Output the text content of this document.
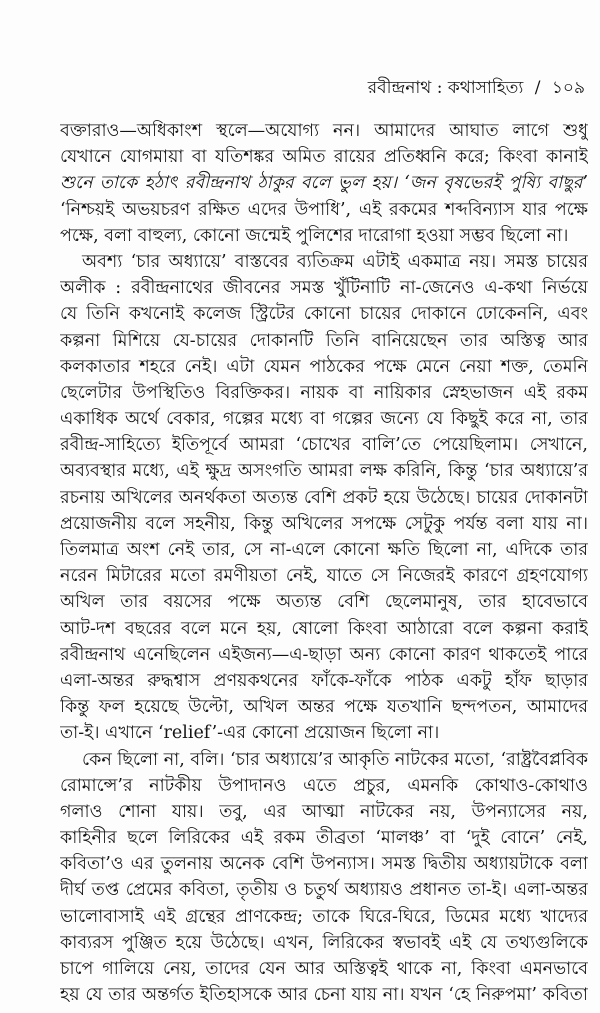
রবীন্দ্রনাথ : কথাসাহিত্য / ১০৯
বক্তারাও—অধিকাংশ স্থলে—অযোগ্য নন। আমাদের আঘাত লাগে শুধু
যেখানে যোগমায়া বা যতিশঙ্কর অমিত রায়ের প্রতিধ্বনি করে; কিংবা কানাই
শুনে তাকে হঠাৎ রবীন্দ্রনাথ ঠাকুর বলে ভুল হয়। ‘জন বৃষভেরই পুষ্যি বাছুর’
‘নিশ্চয়ই অভয়চরণ রক্ষিত এদের উপাধি’, এই রকমের শব্দবিন্যাস যার পক্ষে
পক্ষে, বলা বাহুল্য, কোনো জন্মেই পুলিশের দারোগা হওয়া সম্ভব ছিলো না।
অবশ্য ‘চার অধ্যায়ে’ বাস্তবের ব্যতিক্রম এটাই একমাত্র নয়। সমস্ত চায়ের
অলীক : রবীন্দ্রনাথের জীবনের সমস্ত খুঁটিনাটি না-জেনেও এ-কথা নির্ভয়ে
যে তিনি কখনোই কলেজ স্ট্রিটের কোনো চায়ের দোকানে ঢোকেননি, এবং
কল্পনা মিশিয়ে যে-চায়ের দোকানটি তিনি বানিয়েছেন তার অস্তিত্ব আর
কলকাতার শহরে নেই। এটা যেমন পাঠকের পক্ষে মেনে নেয়া শক্ত, তেমনি
ছেলেটার উপস্থিতিও বিরক্তিকর। নায়ক বা নায়িকার স্নেহভাজন এই রকম
একাধিক অর্থে বেকার, গল্পের মধ্যে বা গল্পের জন্যে যে কিছুই করে না, তার
রবীন্দ্র-সাহিত্যে ইতিপূর্বে আমরা ‘চোখের বালি’তে পেয়েছিলাম। সেখানে,
অব্যবস্থার মধ্যে, এই ক্ষুদ্র অসংগতি আমরা লক্ষ করিনি, কিন্তু ‘চার অধ্যায়ে’র
রচনায় অখিলের অনর্থকতা অত্যন্ত বেশি প্রকট হয়ে উঠেছে। চায়ের দোকানটা
প্রয়োজনীয় বলে সহনীয়, কিন্তু অখিলের সপক্ষে সেটুকু পর্যন্ত বলা যায় না।
তিলমাত্র অংশ নেই তার, সে না-এলে কোনো ক্ষতি ছিলো না, এদিকে তার
নরেন মিটারের মতো রমণীয়তা নেই, যাতে সে নিজেরই কারণে গ্রহণযোগ্য
অখিল তার বয়সের পক্ষে অত্যন্ত বেশি ছেলেমানুষ, তার হাবেভাবে
আট-দশ বছরের বলে মনে হয়, ষোলো কিংবা আঠারো বলে কল্পনা করাই
রবীন্দ্রনাথ এনেছিলেন এইজন্য—এ-ছাড়া অন্য কোনো কারণ থাকতেই পারে
এলা-অন্তর রুদ্ধশ্বাস প্রণয়কথনের ফাঁকে-ফাঁকে পাঠক একটু হাঁফ ছাড়ার
কিন্তু ফল হয়েছে উল্টো, অখিল অন্তর পক্ষে যতখানি ছন্দপতন, আমাদের
তা-ই। এখানে ‘relief’-এর কোনো প্রয়োজন ছিলো না।
কেন ছিলো না, বলি। ‘চার অধ্যায়ে’র আকৃতি নাটকের মতো, ‘রাষ্ট্রবৈপ্লবিক
রোমান্সে’র নাটকীয় উপাদানও এতে প্রচুর, এমনকি কোথাও-কোথাও
গলাও শোনা যায়। তবু, এর আত্মা নাটকের নয়, উপন্যাসের নয়,
কাহিনীর ছলে লিরিকের এই রকম তীব্রতা ‘মালঞ্চ’ বা ‘দুই বোনে’ নেই,
কবিতা’ও এর তুলনায় অনেক বেশি উপন্যাস। সমস্ত দ্বিতীয় অধ্যায়টাকে বলা
দীর্ঘ তপ্ত প্রেমের কবিতা, তৃতীয় ও চতুর্থ অধ্যায়ও প্রধানত তা-ই। এলা-অন্তর
ভালোবাসাই এই গ্রন্থের প্রাণকেন্দ্র; তাকে ঘিরে-ঘিরে, ডিমের মধ্যে খাদ্যের
কাব্যরস পুঞ্জিত হয়ে উঠেছে। এখন, লিরিকের স্বভাবই এই যে তথ্যগুলিকে
চাপে গালিয়ে নেয়, তাদের যেন আর অস্তিত্বই থাকে না, কিংবা এমনভাবে
হয় যে তার অন্তর্গত ইতিহাসকে আর চেনা যায় না। যখন ‘হে নিরুপমা’ কবিতা
